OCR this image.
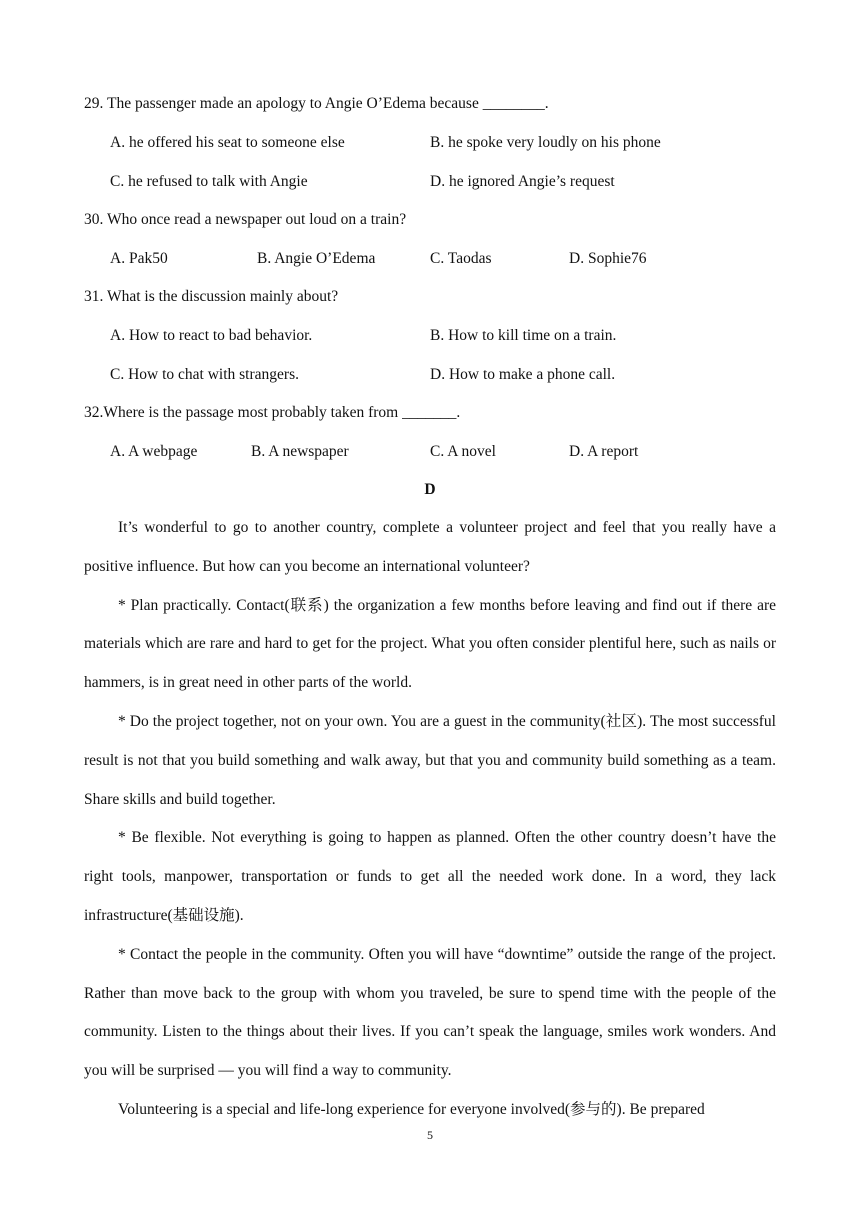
29. The passenger made an apology to Angie O’Edema because ________.
A. he offered his seat to someone else	B. he spoke very loudly on his phone
C. he refused to talk with Angie	D. he ignored Angie’s request
30. Who once read a newspaper out loud on a train?
A. Pak50	B. Angie O’Edema	C. Taodas	D. Sophie76
31. What is the discussion mainly about?
A. How to react to bad behavior.	B. How to kill time on a train.
C. How to chat with strangers.	D. How to make a phone call.
32.Where is the passage most probably taken from _______.
A. A webpage	B. A newspaper	C. A novel	D. A report
D

It’s wonderful to go to another country, complete a volunteer project and feel that you really have a positive influence. But how can you become an international volunteer?

* Plan practically. Contact(联系) the organization a few months before leaving and find out if there are materials which are rare and hard to get for the project. What you often consider plentiful here, such as nails or hammers, is in great need in other parts of the world.

* Do the project together, not on your own. You are a guest in the community(社区). The most successful result is not that you build something and walk away, but that you and community build something as a team. Share skills and build together.

* Be flexible. Not everything is going to happen as planned. Often the other country doesn’t have the right tools, manpower, transportation or funds to get all the needed work done. In a word, they lack infrastructure(基础设施).

* Contact the people in the community. Often you will have “downtime” outside the range of the project. Rather than move back to the group with whom you traveled, be sure to spend time with the people of the community. Listen to the things about their lives. If you can’t speak the language, smiles work wonders. And you will be surprised — you will find a way to community.

Volunteering is a special and life-long experience for everyone involved(参与的). Be prepared

5
